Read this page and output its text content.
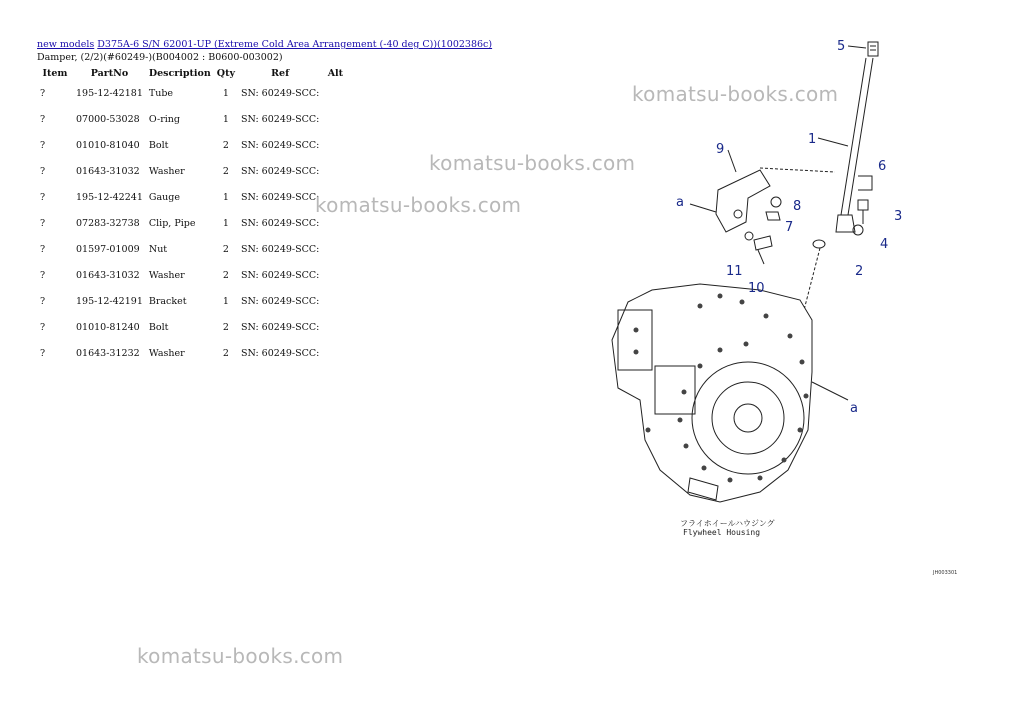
new models D375A-6 S/N 62001-UP (Extreme Cold Area Arrangement (-40 deg C))(1002386c)
Damper, (2/2)(#60249-)(B004002 : B0600-003002)
Item	PartNo	Description	Qty	Ref	Alt
?	195-12-42181	Tube	1	SN: 60249-SCC:	
?	07000-53028	O-ring	1	SN: 60249-SCC:	
?	01010-81040	Bolt	2	SN: 60249-SCC:	
?	01643-31032	Washer	2	SN: 60249-SCC:	
?	195-12-42241	Gauge	1	SN: 60249-SCC:	
?	07283-32738	Clip, Pipe	1	SN: 60249-SCC:	
?	01597-01009	Nut	2	SN: 60249-SCC:	
?	01643-31032	Washer	2	SN: 60249-SCC:	
?	195-12-42191	Bracket	1	SN: 60249-SCC:	
?	01010-81240	Bolt	2	SN: 60249-SCC:	
?	01643-31232	Washer	2	SN: 60249-SCC:	
komatsu-books.com
komatsu-books.com
komatsu-books.com
komatsu-books.com
5
1
6
9
8
3
7
4
2
11
10
a
a
フライホイールハウジング
Flywheel Housing
JH003301
